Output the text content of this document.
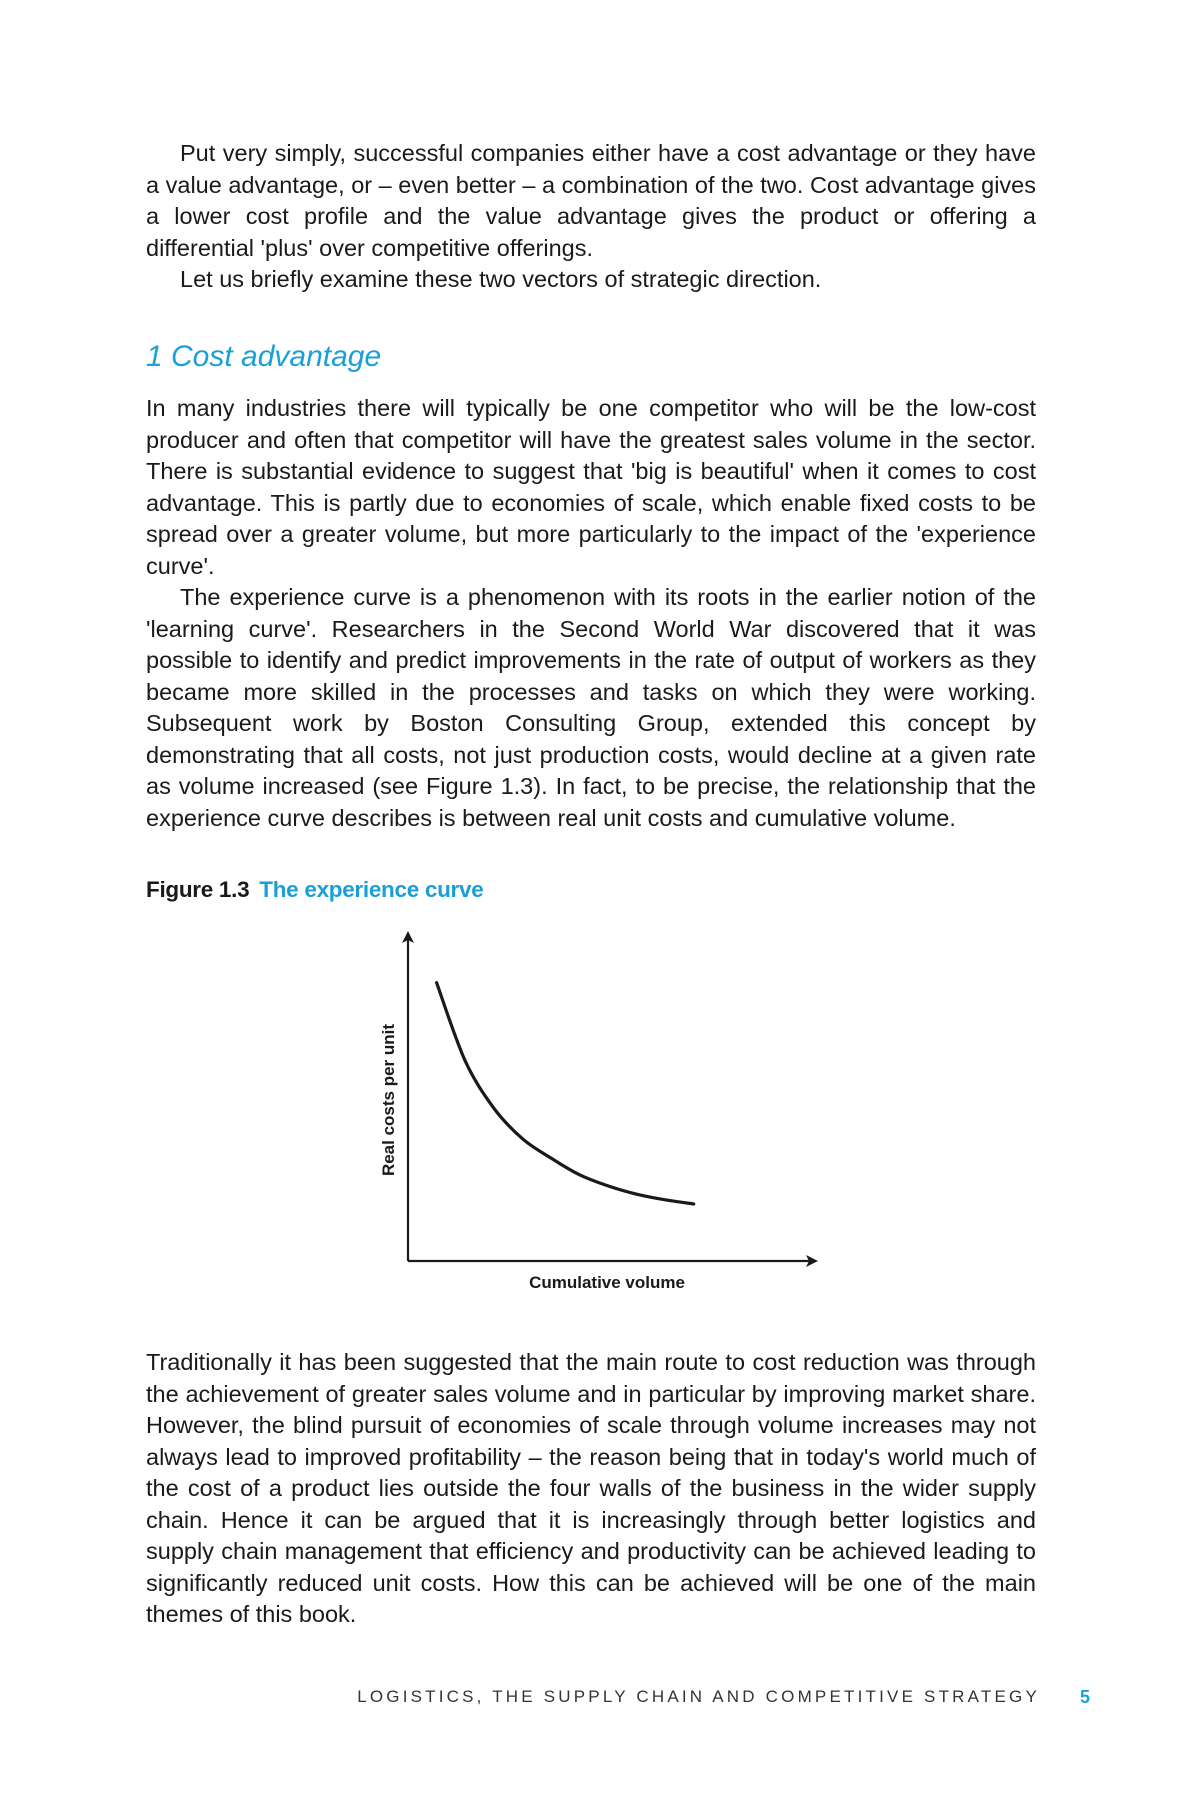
Put very simply, successful companies either have a cost advantage or they have a value advantage, or – even better – a combination of the two. Cost advantage gives a lower cost profile and the value advantage gives the product or offering a differential 'plus' over competitive offerings.

Let us briefly examine these two vectors of strategic direction.

1 Cost advantage

In many industries there will typically be one competitor who will be the low-cost producer and often that competitor will have the greatest sales volume in the sector. There is substantial evidence to suggest that 'big is beautiful' when it comes to cost advantage. This is partly due to economies of scale, which enable fixed costs to be spread over a greater volume, but more particularly to the impact of the 'experience curve'.

The experience curve is a phenomenon with its roots in the earlier notion of the 'learning curve'. Researchers in the Second World War discovered that it was possible to identify and predict improvements in the rate of output of workers as they became more skilled in the processes and tasks on which they were working. Subsequent work by Boston Consulting Group, extended this concept by demonstrating that all costs, not just production costs, would decline at a given rate as volume increased (see Figure 1.3). In fact, to be precise, the relationship that the experience curve describes is between real unit costs and cumulative volume.

Figure 1.3 The experience curve
Real costs per unit
Cumulative volume

Traditionally it has been suggested that the main route to cost reduction was through the achievement of greater sales volume and in particular by improving market share. However, the blind pursuit of economies of scale through volume increases may not always lead to improved profitability – the reason being that in today's world much of the cost of a product lies outside the four walls of the business in the wider supply chain. Hence it can be argued that it is increasingly through better logistics and supply chain management that efficiency and productivity can be achieved leading to significantly reduced unit costs. How this can be achieved will be one of the main themes of this book.

LOGISTICS, THE SUPPLY CHAIN AND COMPETITIVE STRATEGY 5
